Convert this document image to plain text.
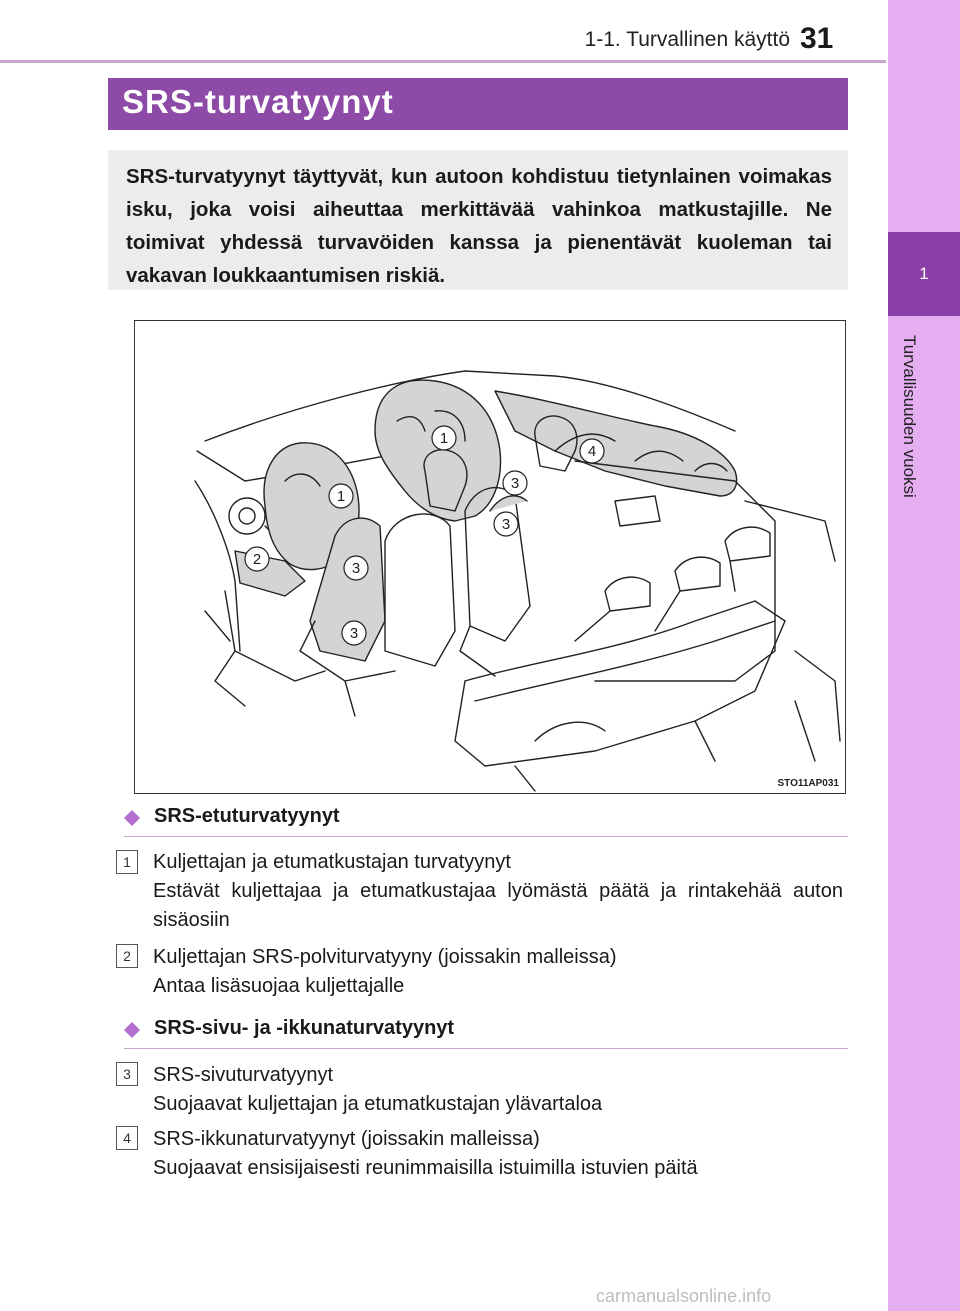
1-1. Turvallinen käyttö 31
1
Turvallisuuden vuoksi
SRS-turvatyynyt
SRS-turvatyynyt täyttyvät, kun autoon kohdistuu tietynlainen voimakas isku, joka voisi aiheuttaa merkittävää vahinkoa matkustajille. Ne toimivat yhdessä turvavöiden kanssa ja pienentävät kuoleman tai vakavan loukkaantumisen riskiä.
1
1
2
3
3
3
3
4
STO11AP031
SRS-etuturvatyynyt
1	Kuljettajan ja etumatkustajan turvatyynyt
Estävät kuljettajaa ja etumatkustajaa lyömästä päätä ja rintakehää auton sisäosiin
2	Kuljettajan SRS-polviturvatyyny (joissakin malleissa)
Antaa lisäsuojaa kuljettajalle
SRS-sivu- ja -ikkunaturvatyynyt
3	SRS-sivuturvatyynyt
Suojaavat kuljettajan ja etumatkustajan ylävartaloa
4	SRS-ikkunaturvatyynyt (joissakin malleissa)
Suojaavat ensisijaisesti reunimmaisilla istuimilla istuvien päitä
carmanualsonline.info
